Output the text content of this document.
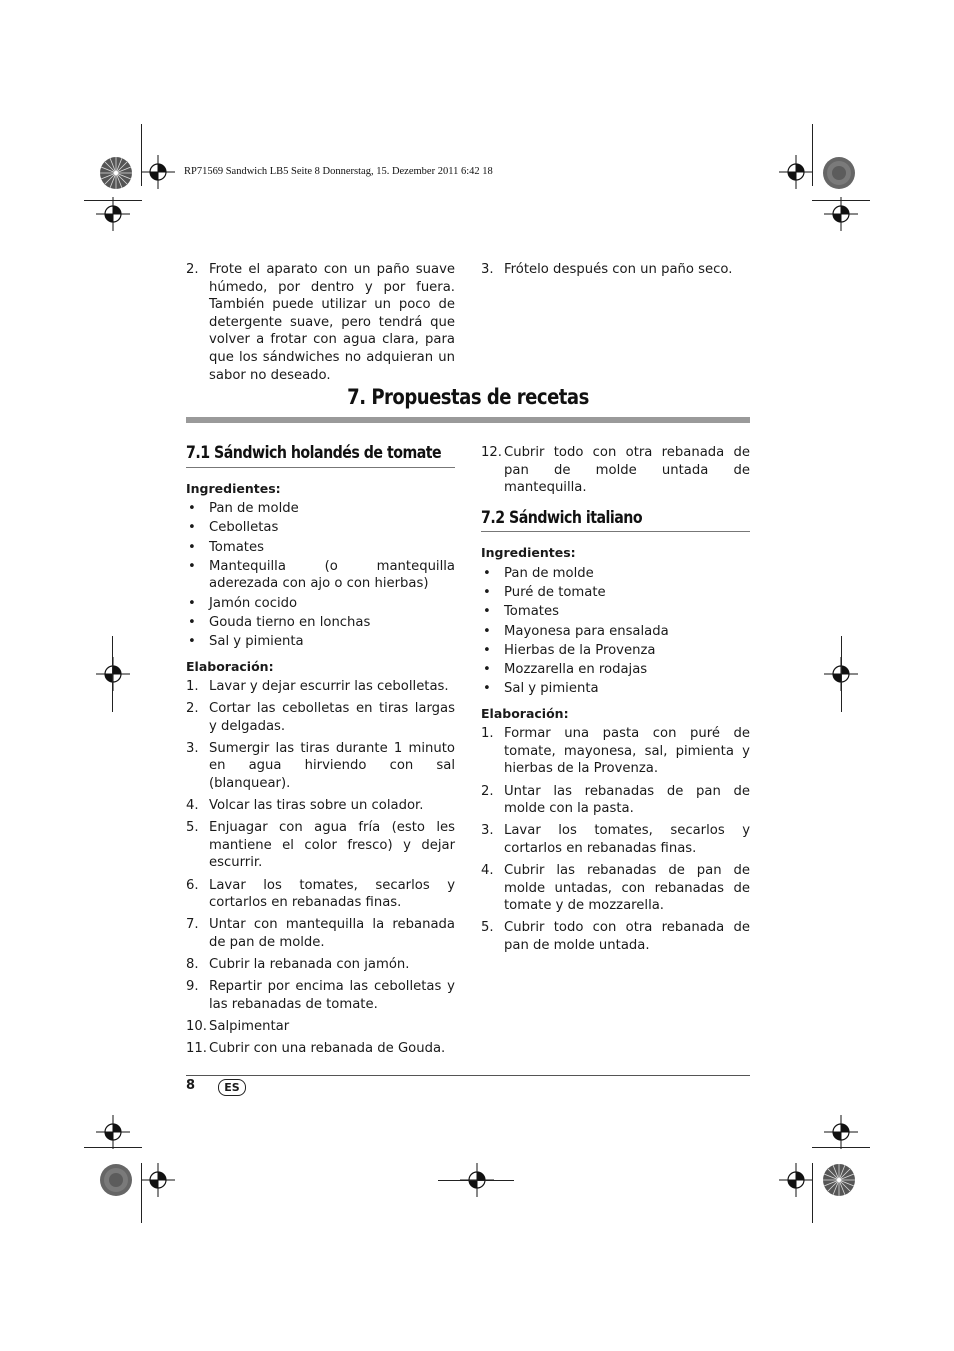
RP71569 Sandwich LB5 Seite 8 Donnerstag, 15. Dezember 2011 6:42 18
2. Frote el aparato con un paño suave húmedo, por dentro y por fuera. También puede utilizar un poco de detergente suave, pero tendrá que volver a frotar con agua clara, para que los sándwiches no adquieran un sabor no deseado.
3. Frótelo después con un paño seco.
7. Propuestas de recetas
7.1 Sándwich holandés de tomate
Ingredientes:
• Pan de molde
• Cebolletas
• Tomates
• Mantequilla (o mantequilla aderezada con ajo o con hierbas)
• Jamón cocido
• Gouda tierno en lonchas
• Sal y pimienta
Elaboración:
1. Lavar y dejar escurrir las cebolletas.
2. Cortar las cebolletas en tiras largas y delgadas.
3. Sumergir las tiras durante 1 minuto en agua hirviendo con sal (blanquear).
4. Volcar las tiras sobre un colador.
5. Enjuagar con agua fría (esto les mantiene el color fresco) y dejar escurrir.
6. Lavar los tomates, secarlos y cortarlos en rebanadas finas.
7. Untar con mantequilla la rebanada de pan de molde.
8. Cubrir la rebanada con jamón.
9. Repartir por encima las cebolletas y las rebanadas de tomate.
10. Salpimentar
11. Cubrir con una rebanada de Gouda.
12. Cubrir todo con otra rebanada de pan de molde untada de mantequilla.
7.2 Sándwich italiano
Ingredientes:
• Pan de molde
• Puré de tomate
• Tomates
• Mayonesa para ensalada
• Hierbas de la Provenza
• Mozzarella en rodajas
• Sal y pimienta
Elaboración:
1. Formar una pasta con puré de tomate, mayonesa, sal, pimienta y hierbas de la Provenza.
2. Untar las rebanadas de pan de molde con la pasta.
3. Lavar los tomates, secarlos y cortarlos en rebanadas finas.
4. Cubrir las rebanadas de pan de molde untadas, con rebanadas de tomate y de mozzarella.
5. Cubrir todo con otra rebanada de pan de molde untada.
8	ES
